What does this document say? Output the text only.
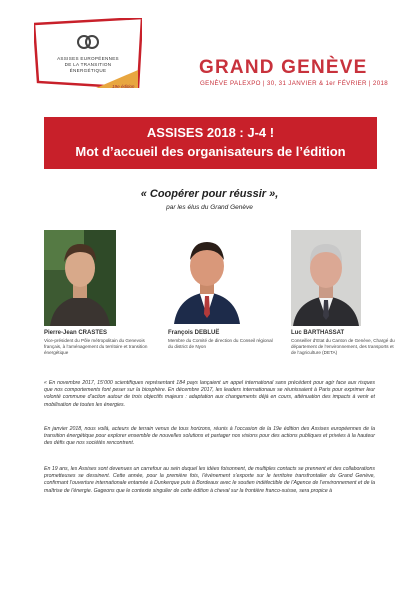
ASSISES EUROPÉENNES
DE LA TRANSITION
ÉNERGÉTIQUE
19e édition
GRAND GENÈVE
GENÈVE PALEXPO | 30, 31 JANVIER & 1er FÉVRIER | 2018
ASSISES 2018 : J-4 !
Mot d’accueil des organisateurs de l’édition
« Coopérer pour réussir »,
par les élus du Grand Genève
Pierre-Jean CRASTES
Vice-président du Pôle métropolitain du Genevois français, à l’aménagement du territoire et transition énergétique
François DEBLUË
Membre du Comité de direction du Conseil régional du district de Nyon
Luc BARTHASSAT
Conseiller d’Etat du Canton de Genève, Chargé du département de l’environnement, des transports et de l’agriculture (DETA)
« En novembre 2017, 15’000 scientifiques représentant 184 pays lançaient un appel international sans précédent pour agir face aux risques que nos comportements font peser sur la biosphère. En décembre 2017, les leaders internationaux se réunissaient à Paris pour exprimer leur volonté commune d’action autour de trois objectifs majeurs : adaptation aux changements déjà en cours, atténuation des impacts à venir et mobilisation de toutes les énergies.
En janvier 2018, nous voilà, acteurs de terrain venus de tous horizons, réunis à l’occasion de la 19e édition des Assises européennes de la transition énergétique pour explorer ensemble de nouvelles solutions et partager nos visions pour des actions publiques et privées à la hauteur des défis que nos sociétés rencontrent.
En 19 ans, les Assises sont devenues un carrefour au sein duquel les idées foisonnent, de multiples contacts se prennent et des collaborations prometteuses se dessinent. Cette année, pour la première fois, l’événement s’exporte sur le territoire transfrontalier du Grand Genève, confirmant l’ouverture internationale entamée à Dunkerque puis à Bordeaux avec le soutien indéfectible de l’Agence de l’environnement et de la maîtrise de l’énergie. Gageons que le contexte singulier de cette édition à cheval sur la frontière franco-suisse, sera propice à
